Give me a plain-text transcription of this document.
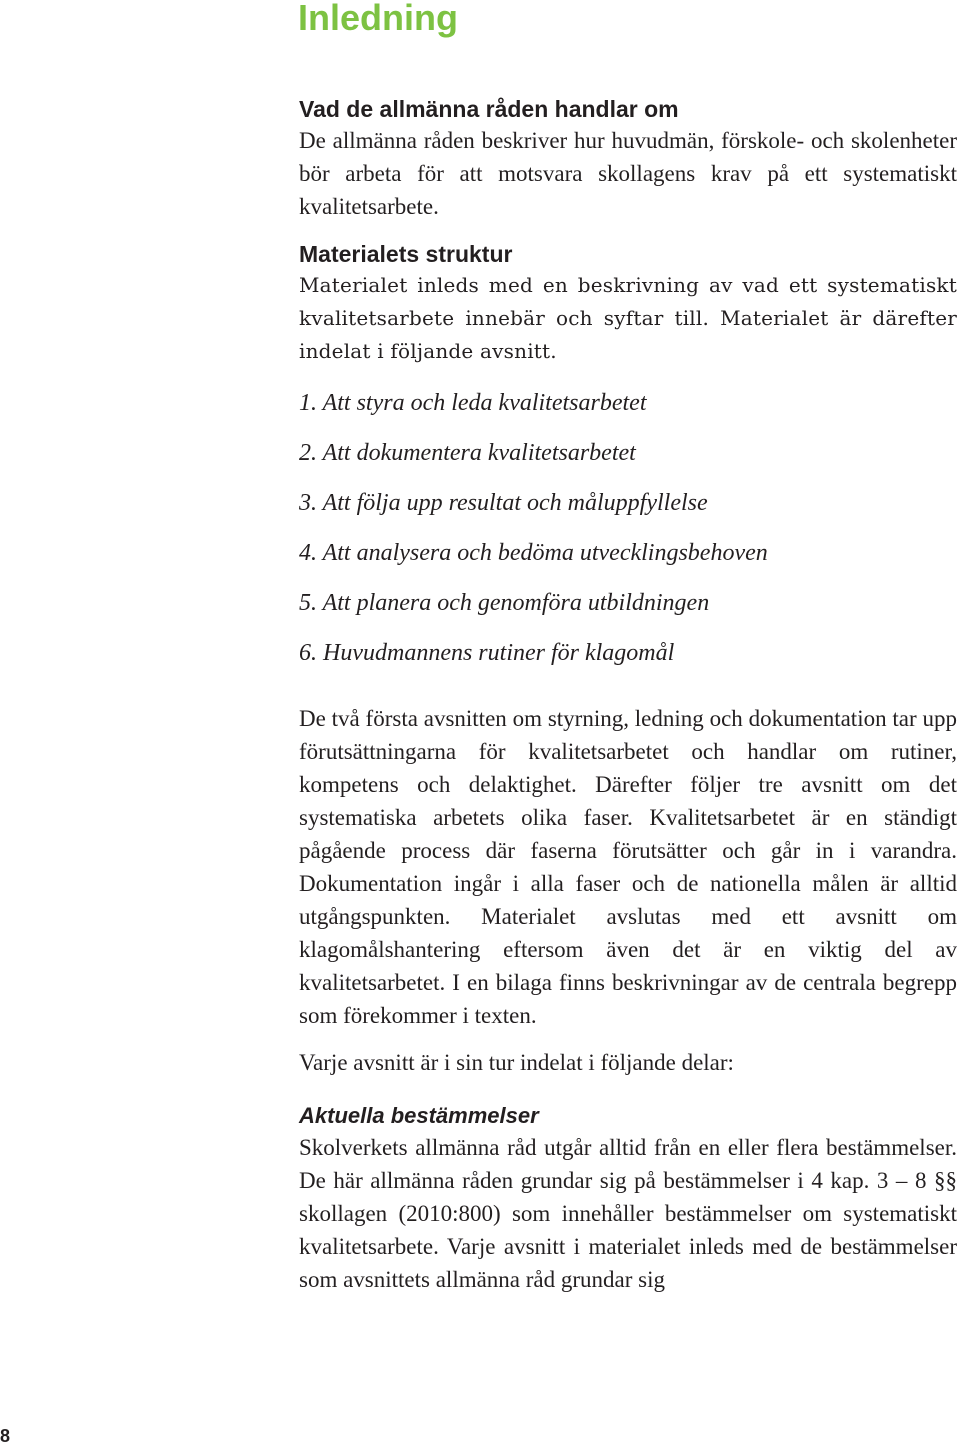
Inledning
Vad de allmänna råden handlar om

De allmänna råden beskriver hur huvudmän, förskole- och skolenheter bör arbeta för att motsvara skollagens krav på ett systematiskt kvalitetsarbete.

Materialets struktur

Materialet inleds med en beskrivning av vad ett systematiskt kvalitetsarbete innebär och syftar till. Materialet är därefter indelat i följande avsnitt.

1. Att styra och leda kvalitetsarbetet
2. Att dokumentera kvalitetsarbetet
3. Att följa upp resultat och måluppfyllelse
4. Att analysera och bedöma utvecklingsbehoven
5. Att planera och genomföra utbildningen
6. Huvudmannens rutiner för klagomål

De två första avsnitten om styrning, ledning och dokumentation tar upp förutsättningarna för kvalitetsarbetet och handlar om rutiner, kompetens och delaktighet. Därefter följer tre avsnitt om det systematiska arbetets olika faser. Kvalitetsarbetet är en ständigt pågående process där faserna förutsätter och går in i varandra. Dokumentation ingår i alla faser och de nationella målen är alltid utgångspunkten. Materialet avslutas med ett avsnitt om klagomålshantering eftersom även det är en viktig del av kvalitetsarbetet. I en bilaga finns beskrivningar av de centrala begrepp som förekommer i texten.

Varje avsnitt är i sin tur indelat i följande delar:

Aktuella bestämmelser

Skolverkets allmänna råd utgår alltid från en eller flera bestämmelser. De här allmänna råden grundar sig på bestämmelser i 4 kap. 3 – 8 §§ skollagen (2010:800) som innehåller bestämmelser om systematiskt kvalitetsarbete. Varje avsnitt i materialet inleds med de bestämmelser som avsnittets allmänna råd grundar sig

8
